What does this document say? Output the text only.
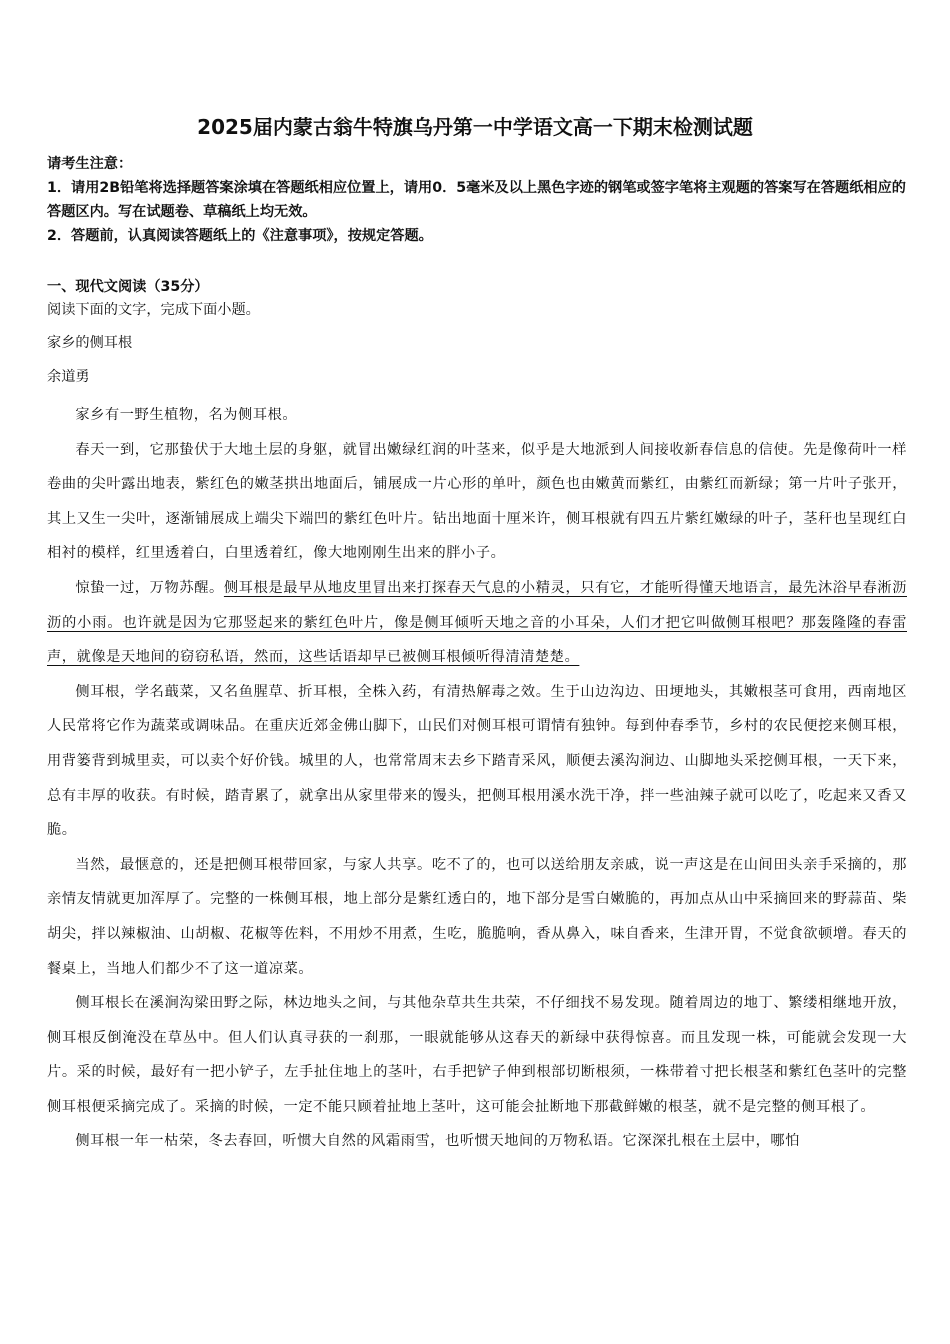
2025届内蒙古翁牛特旗乌丹第一中学语文高一下期末检测试题
请考生注意：
1．请用2B铅笔将选择题答案涂填在答题纸相应位置上，请用0．5毫米及以上黑色字迹的钢笔或签字笔将主观题的答案写在答题纸相应的答题区内。写在试题卷、草稿纸上均无效。
2．答题前，认真阅读答题纸上的《注意事项》，按规定答题。
一、现代文阅读（35分）
阅读下面的文字，完成下面小题。
家乡的侧耳根
余道勇

家乡有一野生植物，名为侧耳根。

春天一到，它那蛰伏于大地土层的身躯，就冒出嫩绿红润的叶茎来，似乎是大地派到人间接收新春信息的信使。先是像荷叶一样卷曲的尖叶露出地表，紫红色的嫩茎拱出地面后，铺展成一片心形的单叶，颜色也由嫩黄而紫红，由紫红而新绿；第一片叶子张开，其上又生一尖叶，逐渐铺展成上端尖下端凹的紫红色叶片。钻出地面十厘米许，侧耳根就有四五片紫红嫩绿的叶子，茎秆也呈现红白相衬的模样，红里透着白，白里透着红，像大地刚刚生出来的胖小子。

惊蛰一过，万物苏醒。侧耳根是最早从地皮里冒出来打探春天气息的小精灵，只有它，才能听得懂天地语言，最先沐浴早春淅沥沥的小雨。也许就是因为它那竖起来的紫红色叶片，像是侧耳倾听天地之音的小耳朵，人们才把它叫做侧耳根吧？那轰隆隆的春雷声，就像是天地间的窃窃私语，然而，这些话语却早已被侧耳根倾听得清清楚楚。

侧耳根，学名蕺菜，又名鱼腥草、折耳根，全株入药，有清热解毒之效。生于山边沟边、田埂地头，其嫩根茎可食用，西南地区人民常将它作为蔬菜或调味品。在重庆近郊金佛山脚下，山民们对侧耳根可谓情有独钟。每到仲春季节，乡村的农民便挖来侧耳根，用背篓背到城里卖，可以卖个好价钱。城里的人，也常常周末去乡下踏青采风，顺便去溪沟涧边、山脚地头采挖侧耳根，一天下来，总有丰厚的收获。有时候，踏青累了，就拿出从家里带来的馒头，把侧耳根用溪水洗干净，拌一些油辣子就可以吃了，吃起来又香又脆。

当然，最惬意的，还是把侧耳根带回家，与家人共享。吃不了的，也可以送给朋友亲戚，说一声这是在山间田头亲手采摘的，那亲情友情就更加浑厚了。完整的一株侧耳根，地上部分是紫红透白的，地下部分是雪白嫩脆的，再加点从山中采摘回来的野蒜苗、柴胡尖，拌以辣椒油、山胡椒、花椒等佐料，不用炒不用煮，生吃，脆脆响，香从鼻入，味自香来，生津开胃，不觉食欲顿增。春天的餐桌上，当地人们都少不了这一道凉菜。

侧耳根长在溪涧沟梁田野之际，林边地头之间，与其他杂草共生共荣，不仔细找不易发现。随着周边的地丁、繁缕相继地开放，侧耳根反倒淹没在草丛中。但人们认真寻获的一刹那，一眼就能够从这春天的新绿中获得惊喜。而且发现一株，可能就会发现一大片。采的时候，最好有一把小铲子，左手扯住地上的茎叶，右手把铲子伸到根部切断根须，一株带着寸把长根茎和紫红色茎叶的完整侧耳根便采摘完成了。采摘的时候，一定不能只顾着扯地上茎叶，这可能会扯断地下那截鲜嫩的根茎，就不是完整的侧耳根了。

侧耳根一年一枯荣，冬去春回，听惯大自然的风霜雨雪，也听惯天地间的万物私语。它深深扎根在土层中，哪怕
